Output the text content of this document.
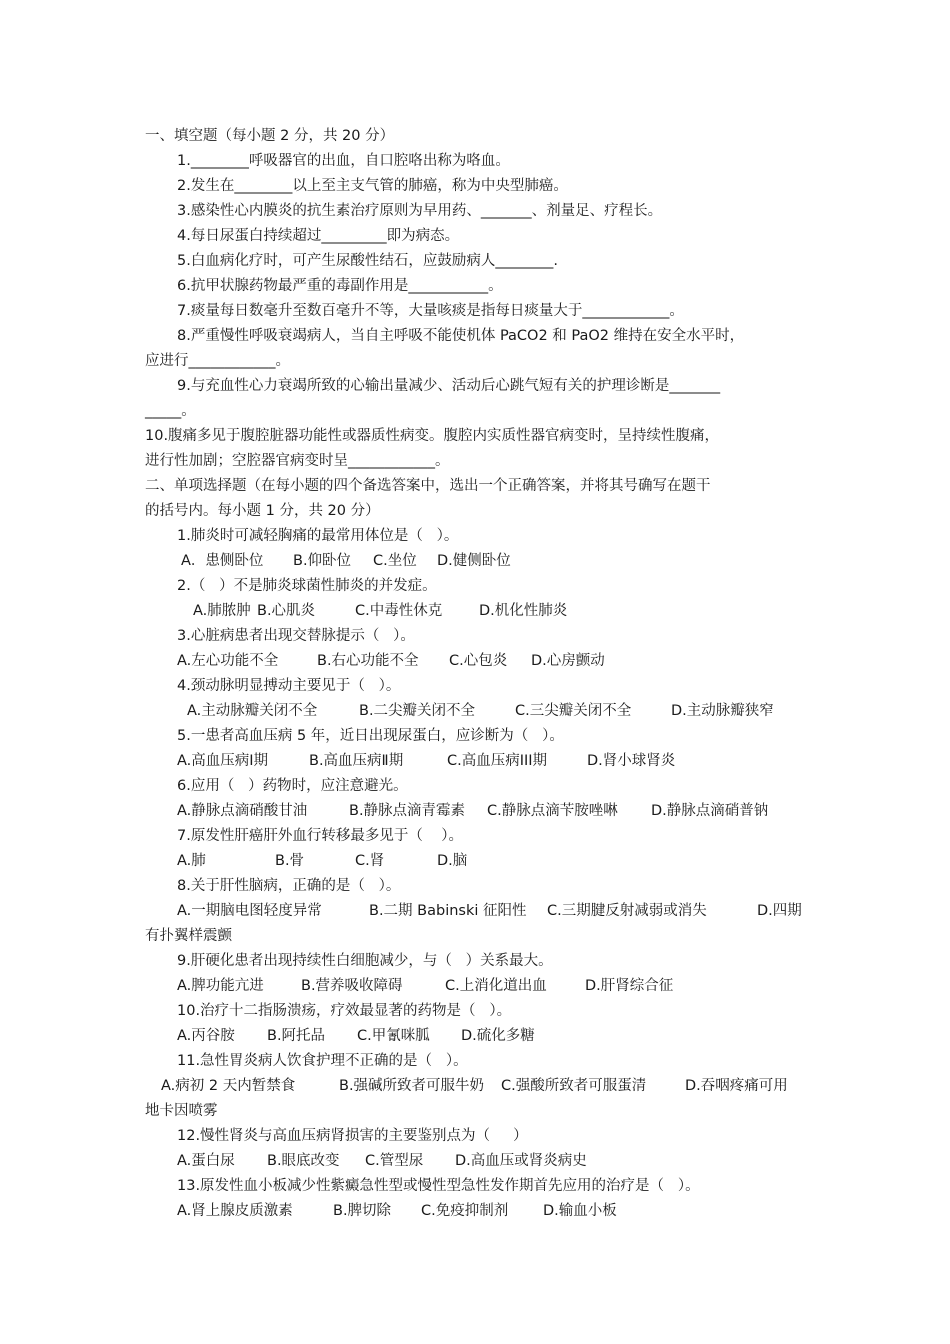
一、填空题（每小题 2 分，共 20 分）

1.________呼吸器官的出血，自口腔咯出称为咯血。

2.发生在________以上至主支气管的肺癌，称为中央型肺癌。

3.感染性心内膜炎的抗生素治疗原则为早用药、_______、剂量足、疗程长。

4.每日尿蛋白持续超过_________即为病态。

5.白血病化疗时，可产生尿酸性结石，应鼓励病人________.

6.抗甲状腺药物最严重的毒副作用是___________。

7.痰量每日数毫升至数百毫升不等，大量咳痰是指每日痰量大于____________。

8.严重慢性呼吸衰竭病人，当自主呼吸不能使机体 PaCO2 和 PaO2 维持在安全水平时，

应进行____________。

9.与充血性心力衰竭所致的心输出量减少、活动后心跳气短有关的护理诊断是_______

_____。

10.腹痛多见于腹腔脏器功能性或器质性病变。腹腔内实质性器官病变时，呈持续性腹痛，

进行性加剧；空腔器官病变时呈____________。

二、单项选择题（在每小题的四个备选答案中，选出一个正确答案，并将其号确写在题干

的括号内。每小题 1 分，共 20 分）

1.肺炎时可减轻胸痛的最常用体位是（   ）。

A．患侧卧位 B.仰卧位 C.坐位 D.健侧卧位

2.（   ）不是肺炎球菌性肺炎的并发症。

A.肺脓肿 B.心肌炎	C.中毒性休克	D.机化性肺炎

3.心脏病患者出现交替脉提示（   ）。

A.左心功能不全	B.右心功能不全 C.心包炎 D.心房颤动

4.颈动脉明显搏动主要见于（   ）。

A.主动脉瓣关闭不全	B.二尖瓣关闭不全	C.三尖瓣关闭不全	D.主动脉瓣狭窄

5.一患者高血压病 5 年，近日出现尿蛋白，应诊断为（   ）。

A.高血压病Ⅰ期	B.高血压病Ⅱ期	C.高血压病III期	D.肾小球肾炎

6.应用（   ）药物时，应注意避光。

A.静脉点滴硝酸甘油	B.静脉点滴青霉素 C.静脉点滴苄胺唑啉 D.静脉点滴硝普钠

7.原发性肝癌肝外血行转移最多见于（    ）。

A.肺	B.骨	C.肾	D.脑

8.关于肝性脑病，正确的是（   ）。

A.一期脑电图轻度异常	B.二期 Babinski 征阳性 C.三期腱反射减弱或消失	D.四期

有扑翼样震颤

9.肝硬化患者出现持续性白细胞减少，与（   ）关系最大。

A.脾功能亢进	B.营养吸收障碍	C.上消化道出血	D.肝肾综合征

10.治疗十二指肠溃疡，疗效最显著的药物是（   ）。

A.丙谷胺 B.阿托品 C.甲氰咪胍 D.硫化多糖

11.急性胃炎病人饮食护理不正确的是（   ）。

A.病初 2 天内暂禁食	B.强碱所致者可服牛奶 C.强酸所致者可服蛋清	D.吞咽疼痛可用

地卡因喷雾

12.慢性肾炎与高血压病肾损害的主要鉴别点为（     ）

A.蛋白尿 B.眼底改变 C.管型尿 D.高血压或肾炎病史

13.原发性血小板减少性紫癜急性型或慢性型急性发作期首先应用的治疗是（   ）。

A.肾上腺皮质激素	B.脾切除 C.免疫抑制剂 D.输血小板
